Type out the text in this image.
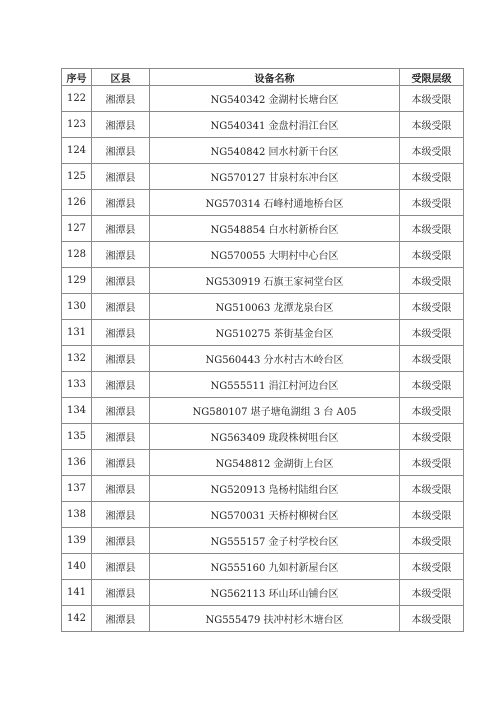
序号	区县	设备名称	受限层级
122	湘潭县	NG540342 金湖村长塘台区	本级受限
123	湘潭县	NG540341 金盘村涓江台区	本级受限
124	湘潭县	NG540842 回水村新干台区	本级受限
125	湘潭县	NG570127 甘泉村东冲台区	本级受限
126	湘潭县	NG570314 石峰村通地桥台区	本级受限
127	湘潭县	NG548854 白水村新桥台区	本级受限
128	湘潭县	NG570055 大明村中心台区	本级受限
129	湘潭县	NG530919 石旗王家祠堂台区	本级受限
130	湘潭县	NG510063 龙潭龙泉台区	本级受限
131	湘潭县	NG510275 茶街基金台区	本级受限
132	湘潭县	NG560443 分水村古木岭台区	本级受限
133	湘潭县	NG555511 涓江村河边台区	本级受限
134	湘潭县	NG580107 堪子塘龟湖组 3 台 A05	本级受限
135	湘潭县	NG563409 珑段株树咀台区	本级受限
136	湘潭县	NG548812 金湖街上台区	本级受限
137	湘潭县	NG520913 凫杨村陆组台区	本级受限
138	湘潭县	NG570031 天桥村柳树台区	本级受限
139	湘潭县	NG555157 金子村学校台区	本级受限
140	湘潭县	NG555160 九如村新屋台区	本级受限
141	湘潭县	NG562113 环山环山铺台区	本级受限
142	湘潭县	NG555479 扶冲村杉木塘台区	本级受限
